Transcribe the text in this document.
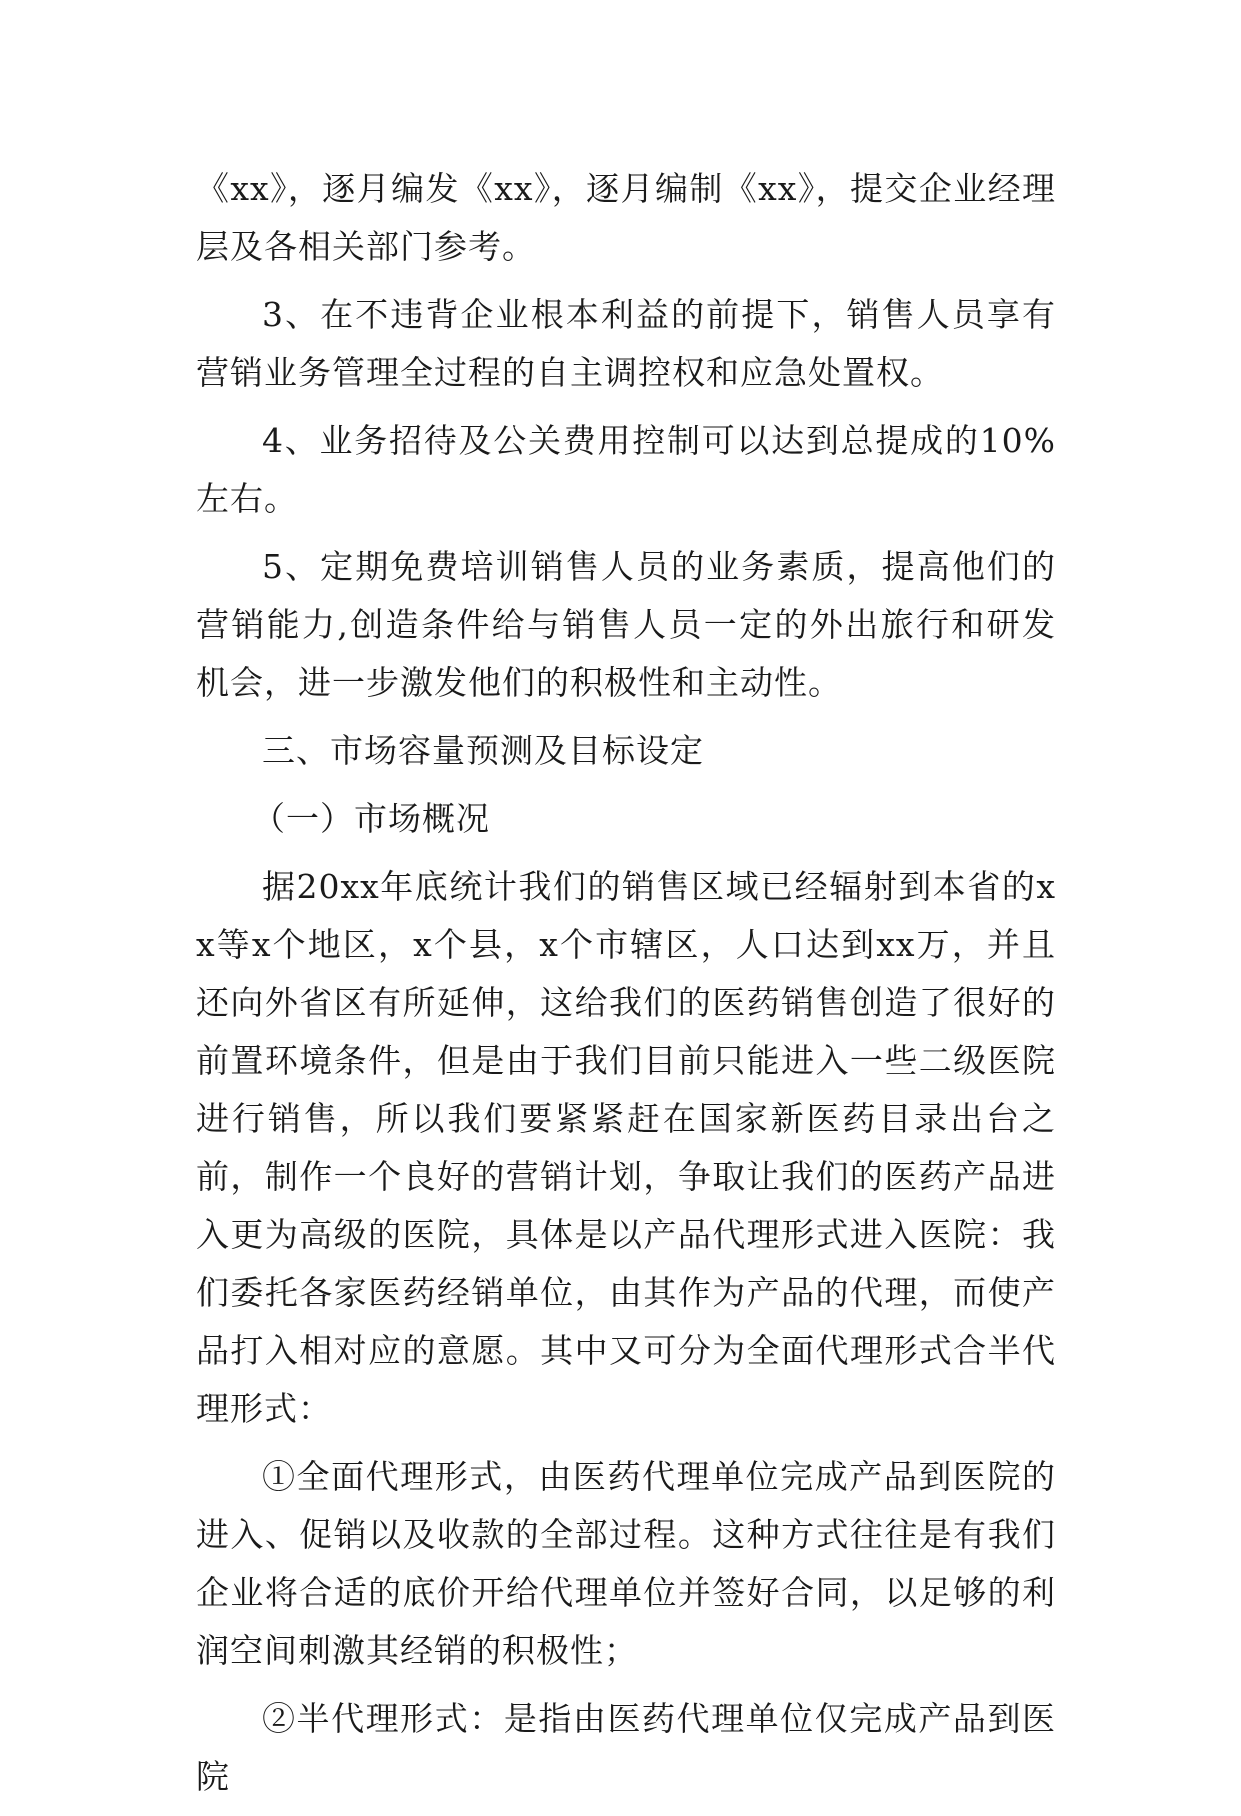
《xx》，逐月编发《xx》，逐月编制《xx》，提交企业经理层及各相关部门参考。

3、在不违背企业根本利益的前提下，销售人员享有营销业务管理全过程的自主调控权和应急处置权。

4、业务招待及公关费用控制可以达到总提成的10%左右。

5、定期免费培训销售人员的业务素质，提高他们的营销能力,创造条件给与销售人员一定的外出旅行和研发机会，进一步激发他们的积极性和主动性。

三、市场容量预测及目标设定

（一）市场概况

据20xx年底统计我们的销售区域已经辐射到本省的xx等x个地区，x个县，x个市辖区，人口达到xx万，并且还向外省区有所延伸，这给我们的医药销售创造了很好的前置环境条件，但是由于我们目前只能进入一些二级医院进行销售，所以我们要紧紧赶在国家新医药目录出台之前，制作一个良好的营销计划，争取让我们的医药产品进入更为高级的医院，具体是以产品代理形式进入医院：我们委托各家医药经销单位，由其作为产品的代理，而使产品打入相对应的意愿。其中又可分为全面代理形式合半代理形式：

①全面代理形式，由医药代理单位完成产品到医院的进入、促销以及收款的全部过程。这种方式往往是有我们企业将合适的底价开给代理单位并签好合同，以足够的利润空间刺激其经销的积极性；

②半代理形式：是指由医药代理单位仅完成产品到医院
